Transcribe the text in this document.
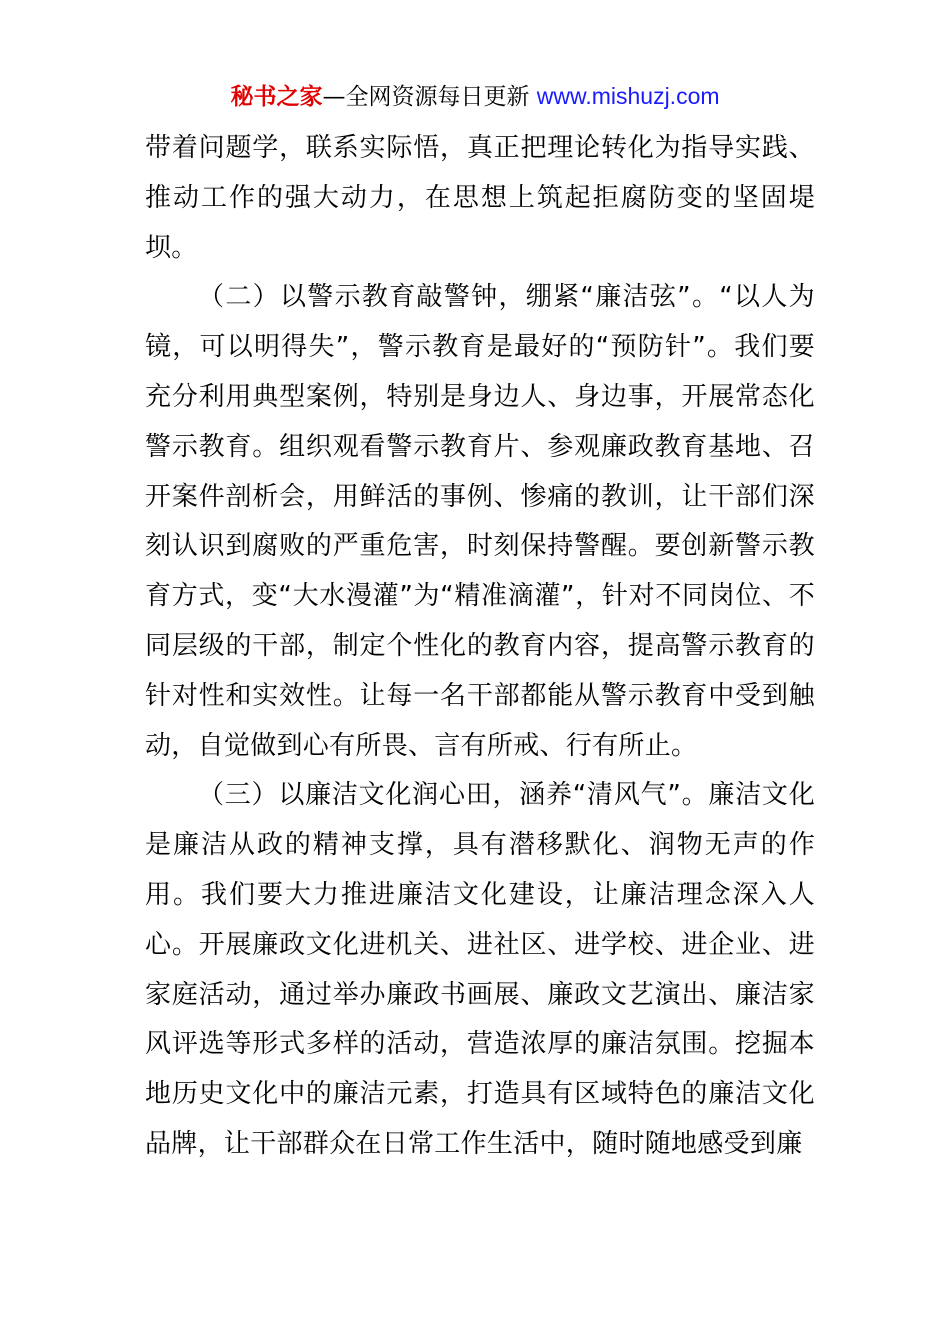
秘书之家—全网资源每日更新 www.mishuzj.com

带着问题学，联系实际悟，真正把理论转化为指导实践、推动工作的强大动力，在思想上筑起拒腐防变的坚固堤坝。

（二）以警示教育敲警钟，绷紧“廉洁弦”。“以人为镜，可以明得失”，警示教育是最好的“预防针”。我们要充分利用典型案例，特别是身边人、身边事，开展常态化警示教育。组织观看警示教育片、参观廉政教育基地、召开案件剖析会，用鲜活的事例、惨痛的教训，让干部们深刻认识到腐败的严重危害，时刻保持警醒。要创新警示教育方式，变“大水漫灌”为“精准滴灌”，针对不同岗位、不同层级的干部，制定个性化的教育内容，提高警示教育的针对性和实效性。让每一名干部都能从警示教育中受到触动，自觉做到心有所畏、言有所戒、行有所止。

（三）以廉洁文化润心田，涵养“清风气”。廉洁文化是廉洁从政的精神支撑，具有潜移默化、润物无声的作用。我们要大力推进廉洁文化建设，让廉洁理念深入人心。开展廉政文化进机关、进社区、进学校、进企业、进家庭活动，通过举办廉政书画展、廉政文艺演出、廉洁家风评选等形式多样的活动，营造浓厚的廉洁氛围。挖掘本地历史文化中的廉洁元素，打造具有区域特色的廉洁文化品牌，让干部群众在日常工作生活中，随时随地感受到廉
